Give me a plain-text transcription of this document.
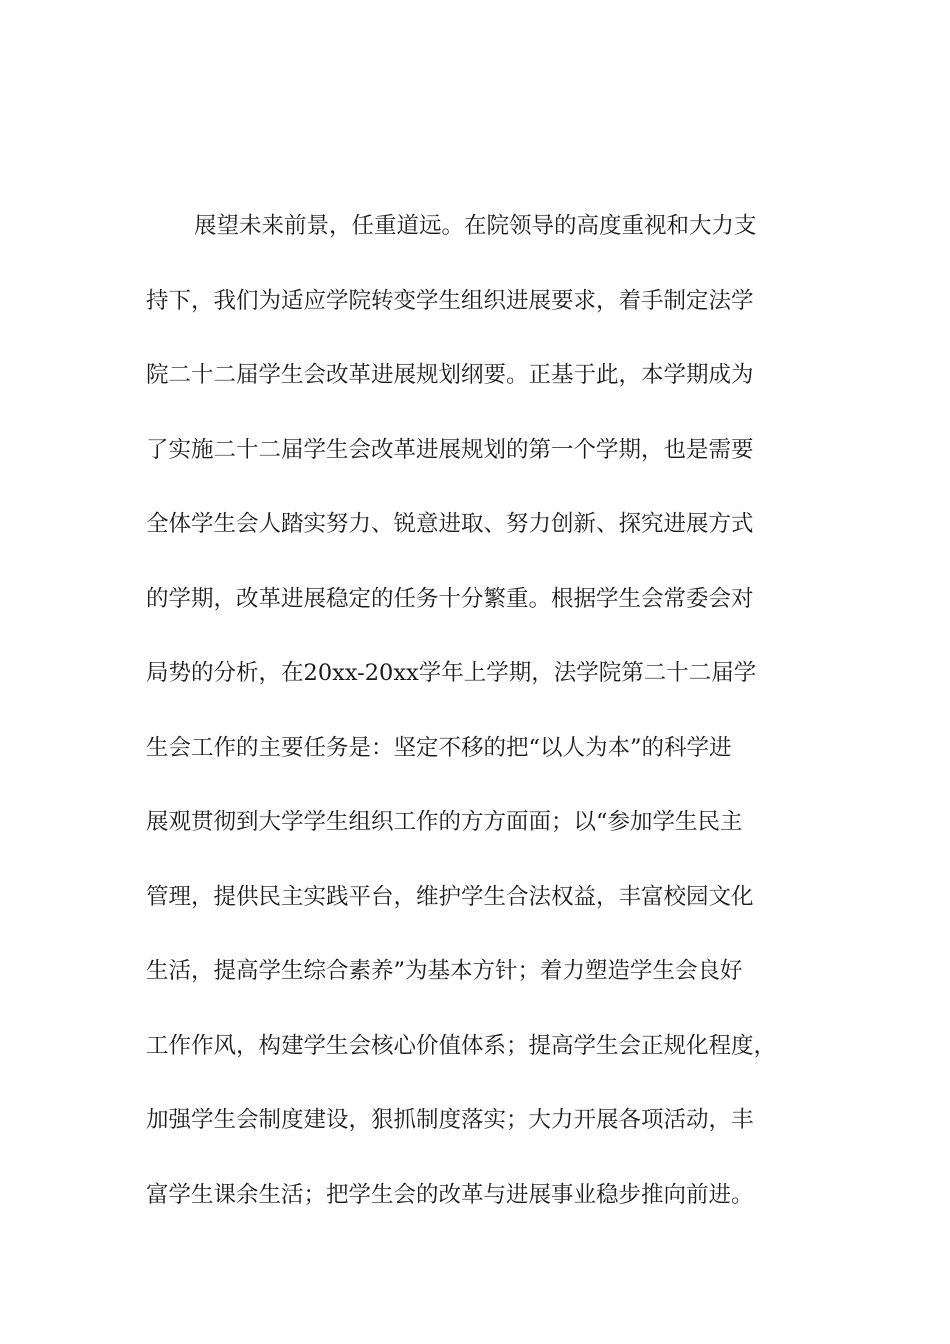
展望未来前景，任重道远。在院领导的高度重视和大力支
持下，我们为适应学院转变学生组织进展要求，着手制定法学
院二十二届学生会改革进展规划纲要。正基于此，本学期成为
了实施二十二届学生会改革进展规划的第一个学期，也是需要
全体学生会人踏实努力、锐意进取、努力创新、探究进展方式
的学期，改革进展稳定的任务十分繁重。根据学生会常委会对
局势的分析，在20xx-20xx学年上学期，法学院第二十二届学
生会工作的主要任务是：坚定不移的把“以人为本”的科学进
展观贯彻到大学学生组织工作的方方面面；以“参加学生民主
管理，提供民主实践平台，维护学生合法权益，丰富校园文化
生活，提高学生综合素养”为基本方针；着力塑造学生会良好
工作作风，构建学生会核心价值体系；提高学生会正规化程度，
加强学生会制度建设，狠抓制度落实；大力开展各项活动，丰
富学生课余生活；把学生会的改革与进展事业稳步推向前进。
